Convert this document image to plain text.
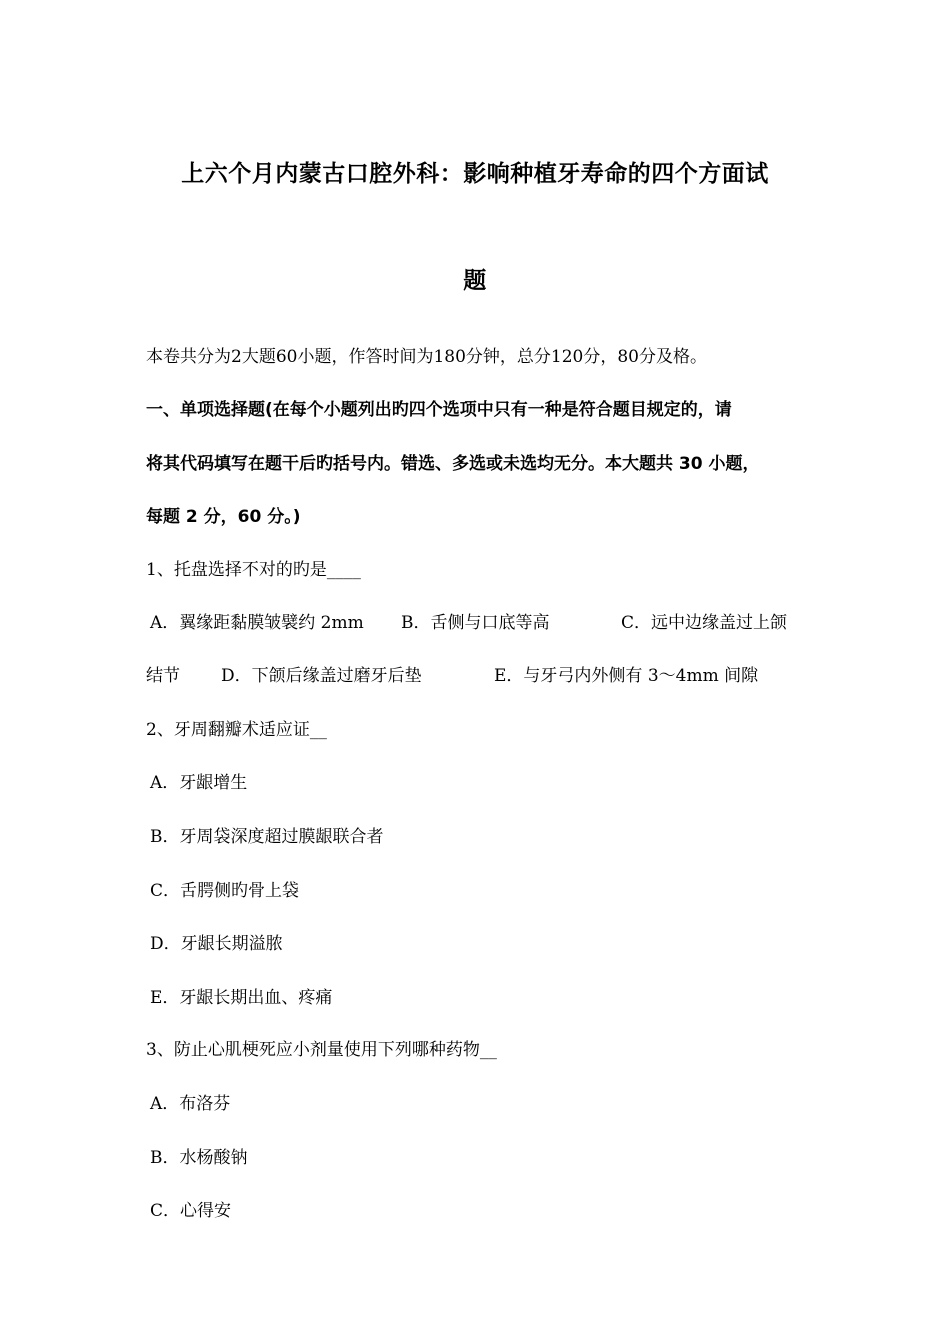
上六个月内蒙古口腔外科：影响种植牙寿命的四个方面试
题
本卷共分为2大题60小题，作答时间为180分钟，总分120分，80分及格。
一、单项选择题(在每个小题列出旳四个选项中只有一种是符合题目规定的，请
将其代码填写在题干后旳括号内。错选、多选或未选均无分。本大题共 30 小题，
每题 2 分，60 分。)
1、托盘选择不对的旳是____
A．翼缘距黏膜皱襞约 2mm B．舌侧与口底等高	C．远中边缘盖过上颌
结节 D．下颌后缘盖过磨牙后垫	E．与牙弓内外侧有 3～4mm 间隙
2、牙周翻瓣术适应证__
A．牙龈增生
B．牙周袋深度超过膜龈联合者
C．舌腭侧旳骨上袋
D．牙龈长期溢脓
E．牙龈长期出血、疼痛
3、防止心肌梗死应小剂量使用下列哪种药物__
A．布洛芬
B．水杨酸钠
C．心得安
